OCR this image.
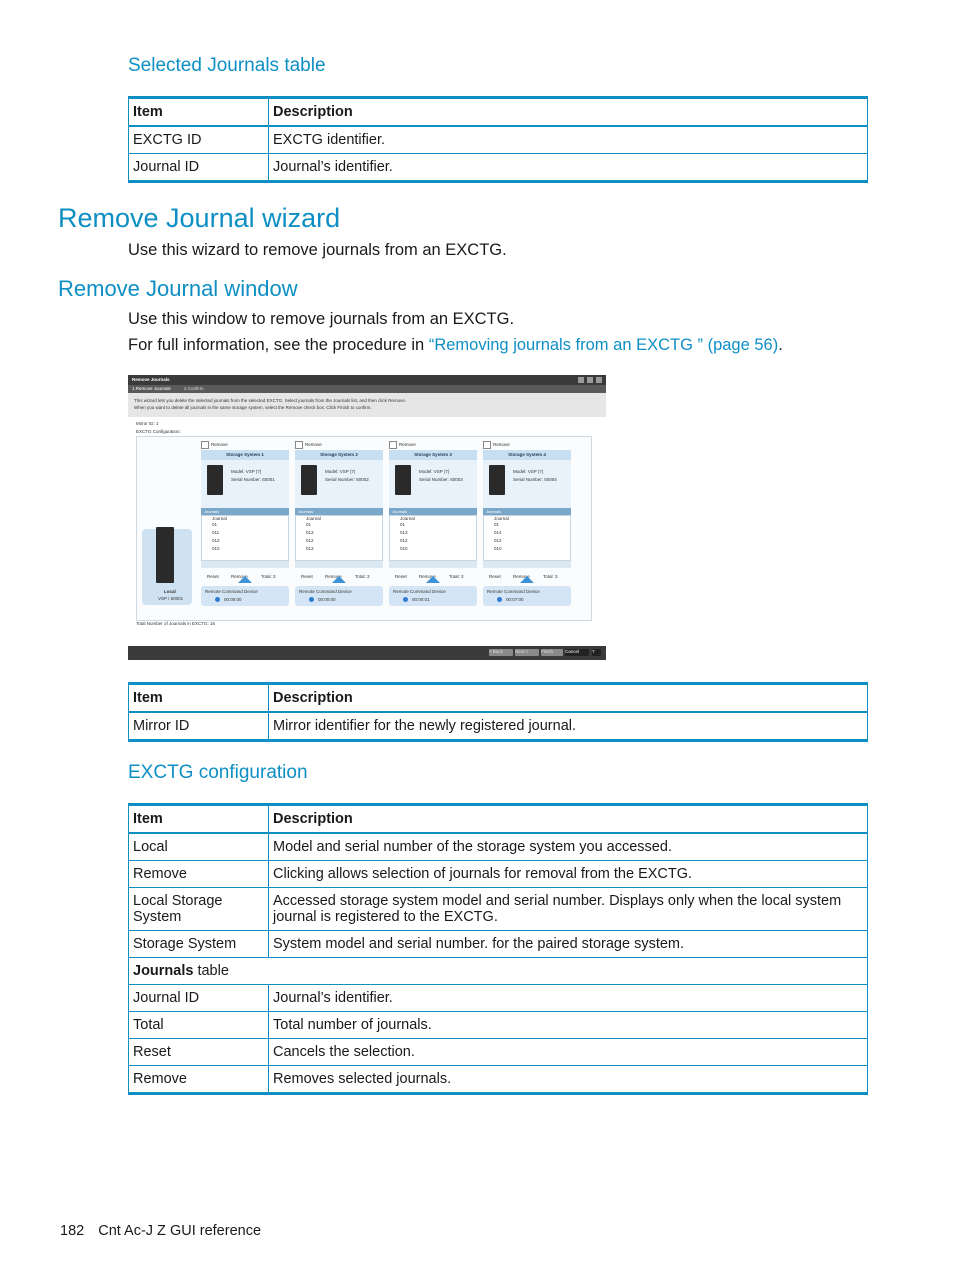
Selected Journals table
Item	Description
EXCTG ID	EXCTG identifier.
Journal ID	Journal’s identifier.
Remove Journal wizard

Use this wizard to remove journals from an EXCTG.

Remove Journal window

Use this window to remove journals from an EXCTG.

For full information, see the procedure in “Removing journals from an EXCTG ” (page 56).

Remove Journals
1.Remove Journals	2.Confirm
This wizard lets you delete the selected journals from the selected EXCTG. Select journals from the Journals list, and then click Remove.
When you want to delete all journals in the same storage system, select the Remove check box. Click Finish to confirm.
Mirror ID: 1
EXCTG Configuration:
Local
VSP / 60001
Remove
Storage System 1
Model: VSP (7)
Serial Number: 60001
Journals
Journal
01
011
012
010
Reset	Remove	Total: 3
Remove
Storage System 2
Model: VSP (7)
Serial Number: 50002
Journals
Journal
01
013
012
013
Reset	Remove	Total: 3
Remove
Storage System 3
Model: VSP (7)
Serial Number: 60003
Journals
Journal
01
013
012
010
Reset	Remove	Total: 3
Remove
Storage System 4
Model: VSP (7)
Serial Number: 50004
Journals
Journal
01
014
012
010
Reset	Remove	Total: 3
Remote Command Device
00:00:00
Remote Command Device
00:00:00
Remote Command Device
00:00:01
Remote Command Device
00:07:00
Total Number of Journals in EXCTG: 16
< Back	Next >	Finish	Cancel	?
Item	Description
Mirror ID	Mirror identifier for the newly registered journal.
EXCTG configuration
Item	Description
Local	Model and serial number of the storage system you accessed.
Remove	Clicking allows selection of journals for removal from the EXCTG.
Local Storage System	Accessed storage system model and serial number. Displays only when the local system journal is registered to the EXCTG.
Storage System	System model and serial number. for the paired storage system.
Journals table	
Journal ID	Journal’s identifier.
Total	Total number of journals.
Reset	Cancels the selection.
Remove	Removes selected journals.
182 Cnt Ac-J Z GUI reference
